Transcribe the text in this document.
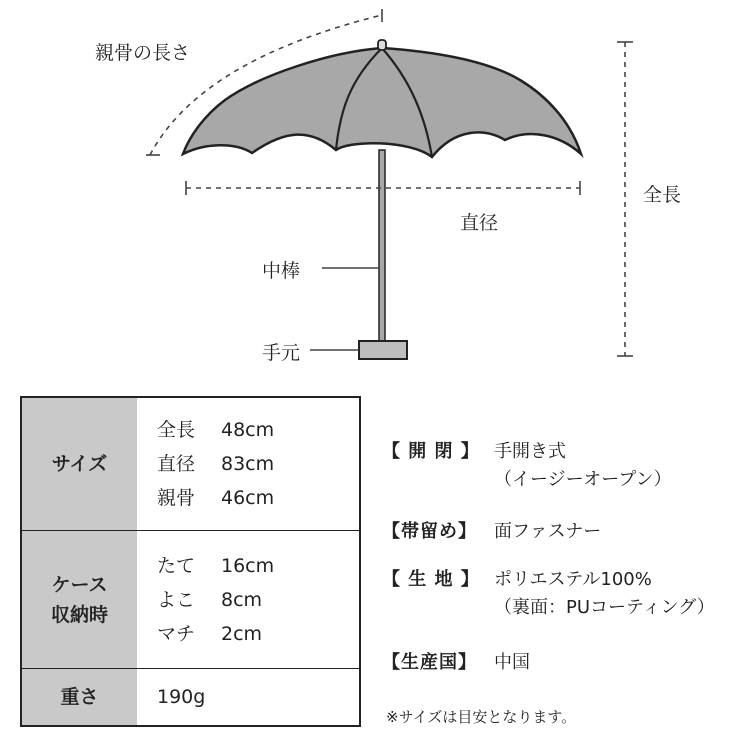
親骨の長さ
全長
直径
中棒
手元
サイズ
全長	48cm
直径	83cm
親骨	46cm
ケース
収納時
たて	16cm
よこ	8cm
マチ	2cm
重さ	190g
【 開 閉 】 手開き式
（イージーオープン）
【帯留め】 面ファスナー
【 生 地 】 ポリエステル100%
（裏面：PUコーティング）
【生産国】 中国
※サイズは目安となります。
